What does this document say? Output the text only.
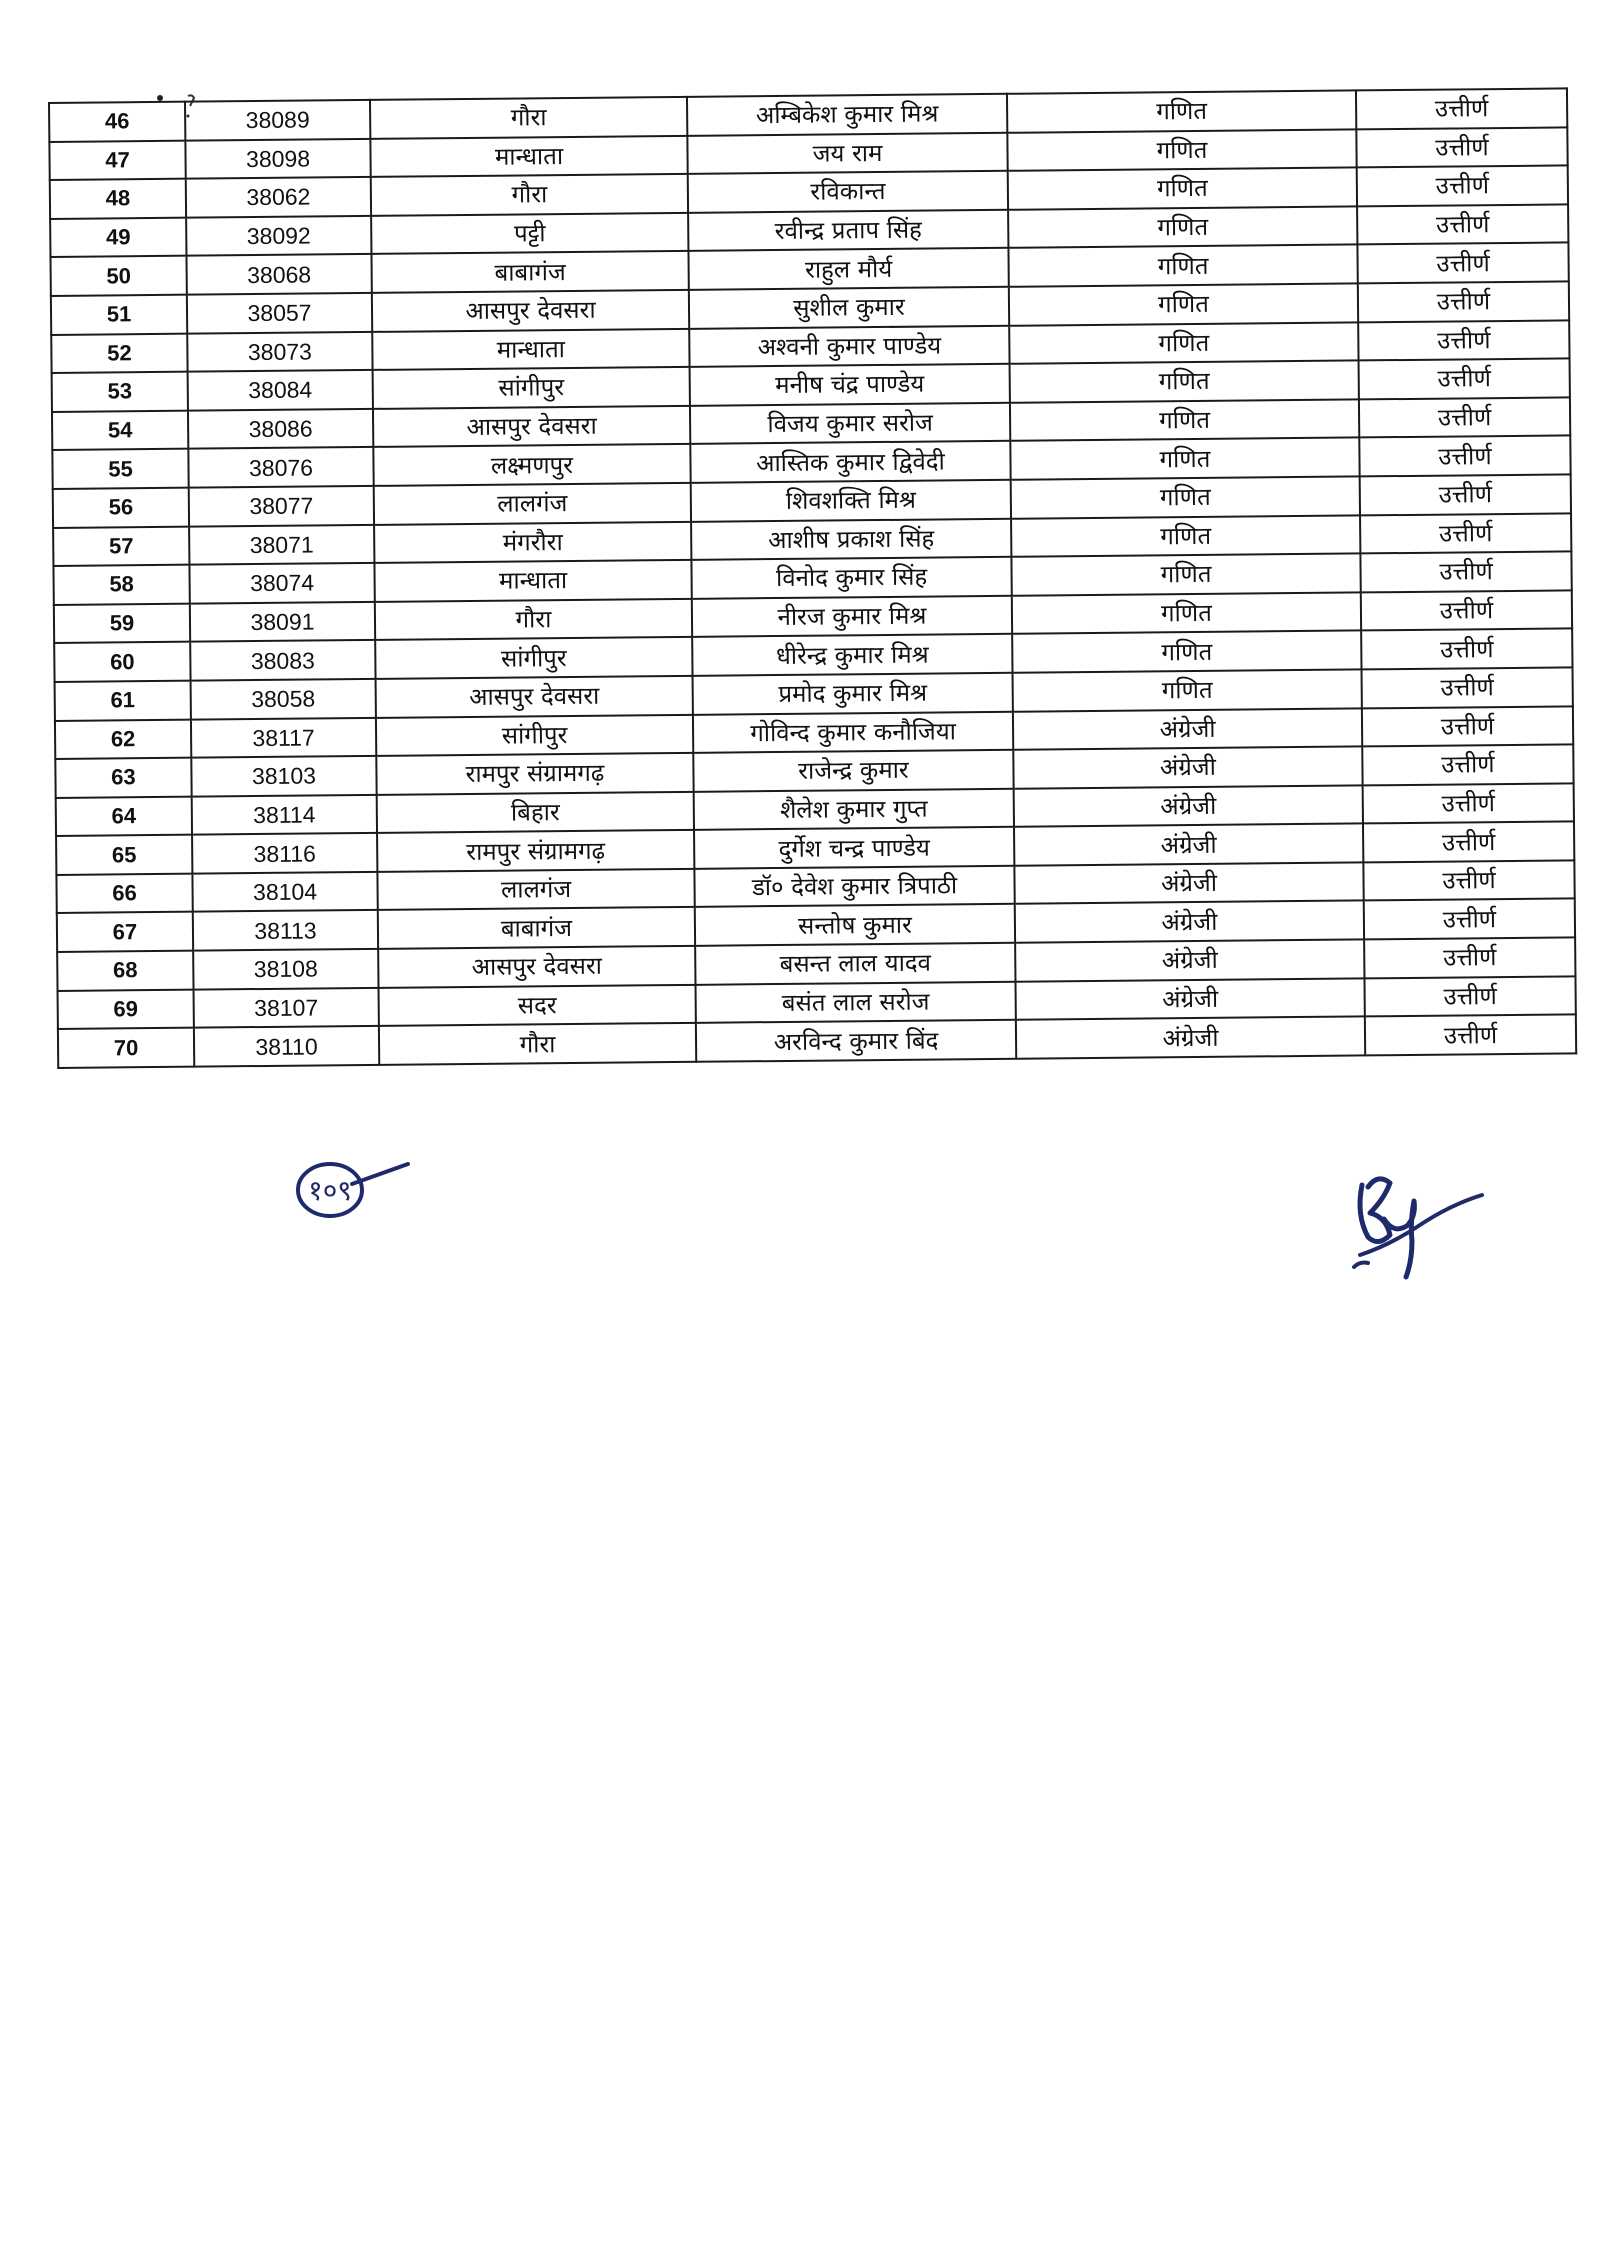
46	38089	गौरा	अम्बिकेश कुमार मिश्र	गणित	उत्तीर्ण
47	38098	मान्धाता	जय राम	गणित	उत्तीर्ण
48	38062	गौरा	रविकान्त	गणित	उत्तीर्ण
49	38092	पट्टी	रवीन्द्र प्रताप सिंह	गणित	उत्तीर्ण
50	38068	बाबागंज	राहुल मौर्य	गणित	उत्तीर्ण
51	38057	आसपुर देवसरा	सुशील कुमार	गणित	उत्तीर्ण
52	38073	मान्धाता	अश्वनी कुमार पाण्डेय	गणित	उत्तीर्ण
53	38084	सांगीपुर	मनीष चंद्र पाण्डेय	गणित	उत्तीर्ण
54	38086	आसपुर देवसरा	विजय कुमार सरोज	गणित	उत्तीर्ण
55	38076	लक्ष्मणपुर	आस्तिक कुमार द्विवेदी	गणित	उत्तीर्ण
56	38077	लालगंज	शिवशक्ति मिश्र	गणित	उत्तीर्ण
57	38071	मंगरौरा	आशीष प्रकाश सिंह	गणित	उत्तीर्ण
58	38074	मान्धाता	विनोद कुमार सिंह	गणित	उत्तीर्ण
59	38091	गौरा	नीरज कुमार मिश्र	गणित	उत्तीर्ण
60	38083	सांगीपुर	धीरेन्द्र कुमार मिश्र	गणित	उत्तीर्ण
61	38058	आसपुर देवसरा	प्रमोद कुमार मिश्र	गणित	उत्तीर्ण
62	38117	सांगीपुर	गोविन्द कुमार कनौजिया	अंग्रेजी	उत्तीर्ण
63	38103	रामपुर संग्रामगढ़	राजेन्द्र कुमार	अंग्रेजी	उत्तीर्ण
64	38114	बिहार	शैलेश कुमार गुप्त	अंग्रेजी	उत्तीर्ण
65	38116	रामपुर संग्रामगढ़	दुर्गेश चन्द्र पाण्डेय	अंग्रेजी	उत्तीर्ण
66	38104	लालगंज	डॉ० देवेश कुमार त्रिपाठी	अंग्रेजी	उत्तीर्ण
67	38113	बाबागंज	सन्तोष कुमार	अंग्रेजी	उत्तीर्ण
68	38108	आसपुर देवसरा	बसन्त लाल यादव	अंग्रेजी	उत्तीर्ण
69	38107	सदर	बसंत लाल सरोज	अंग्रेजी	उत्तीर्ण
70	38110	गौरा	अरविन्द कुमार बिंद	अंग्रेजी	उत्तीर्ण
१०९
